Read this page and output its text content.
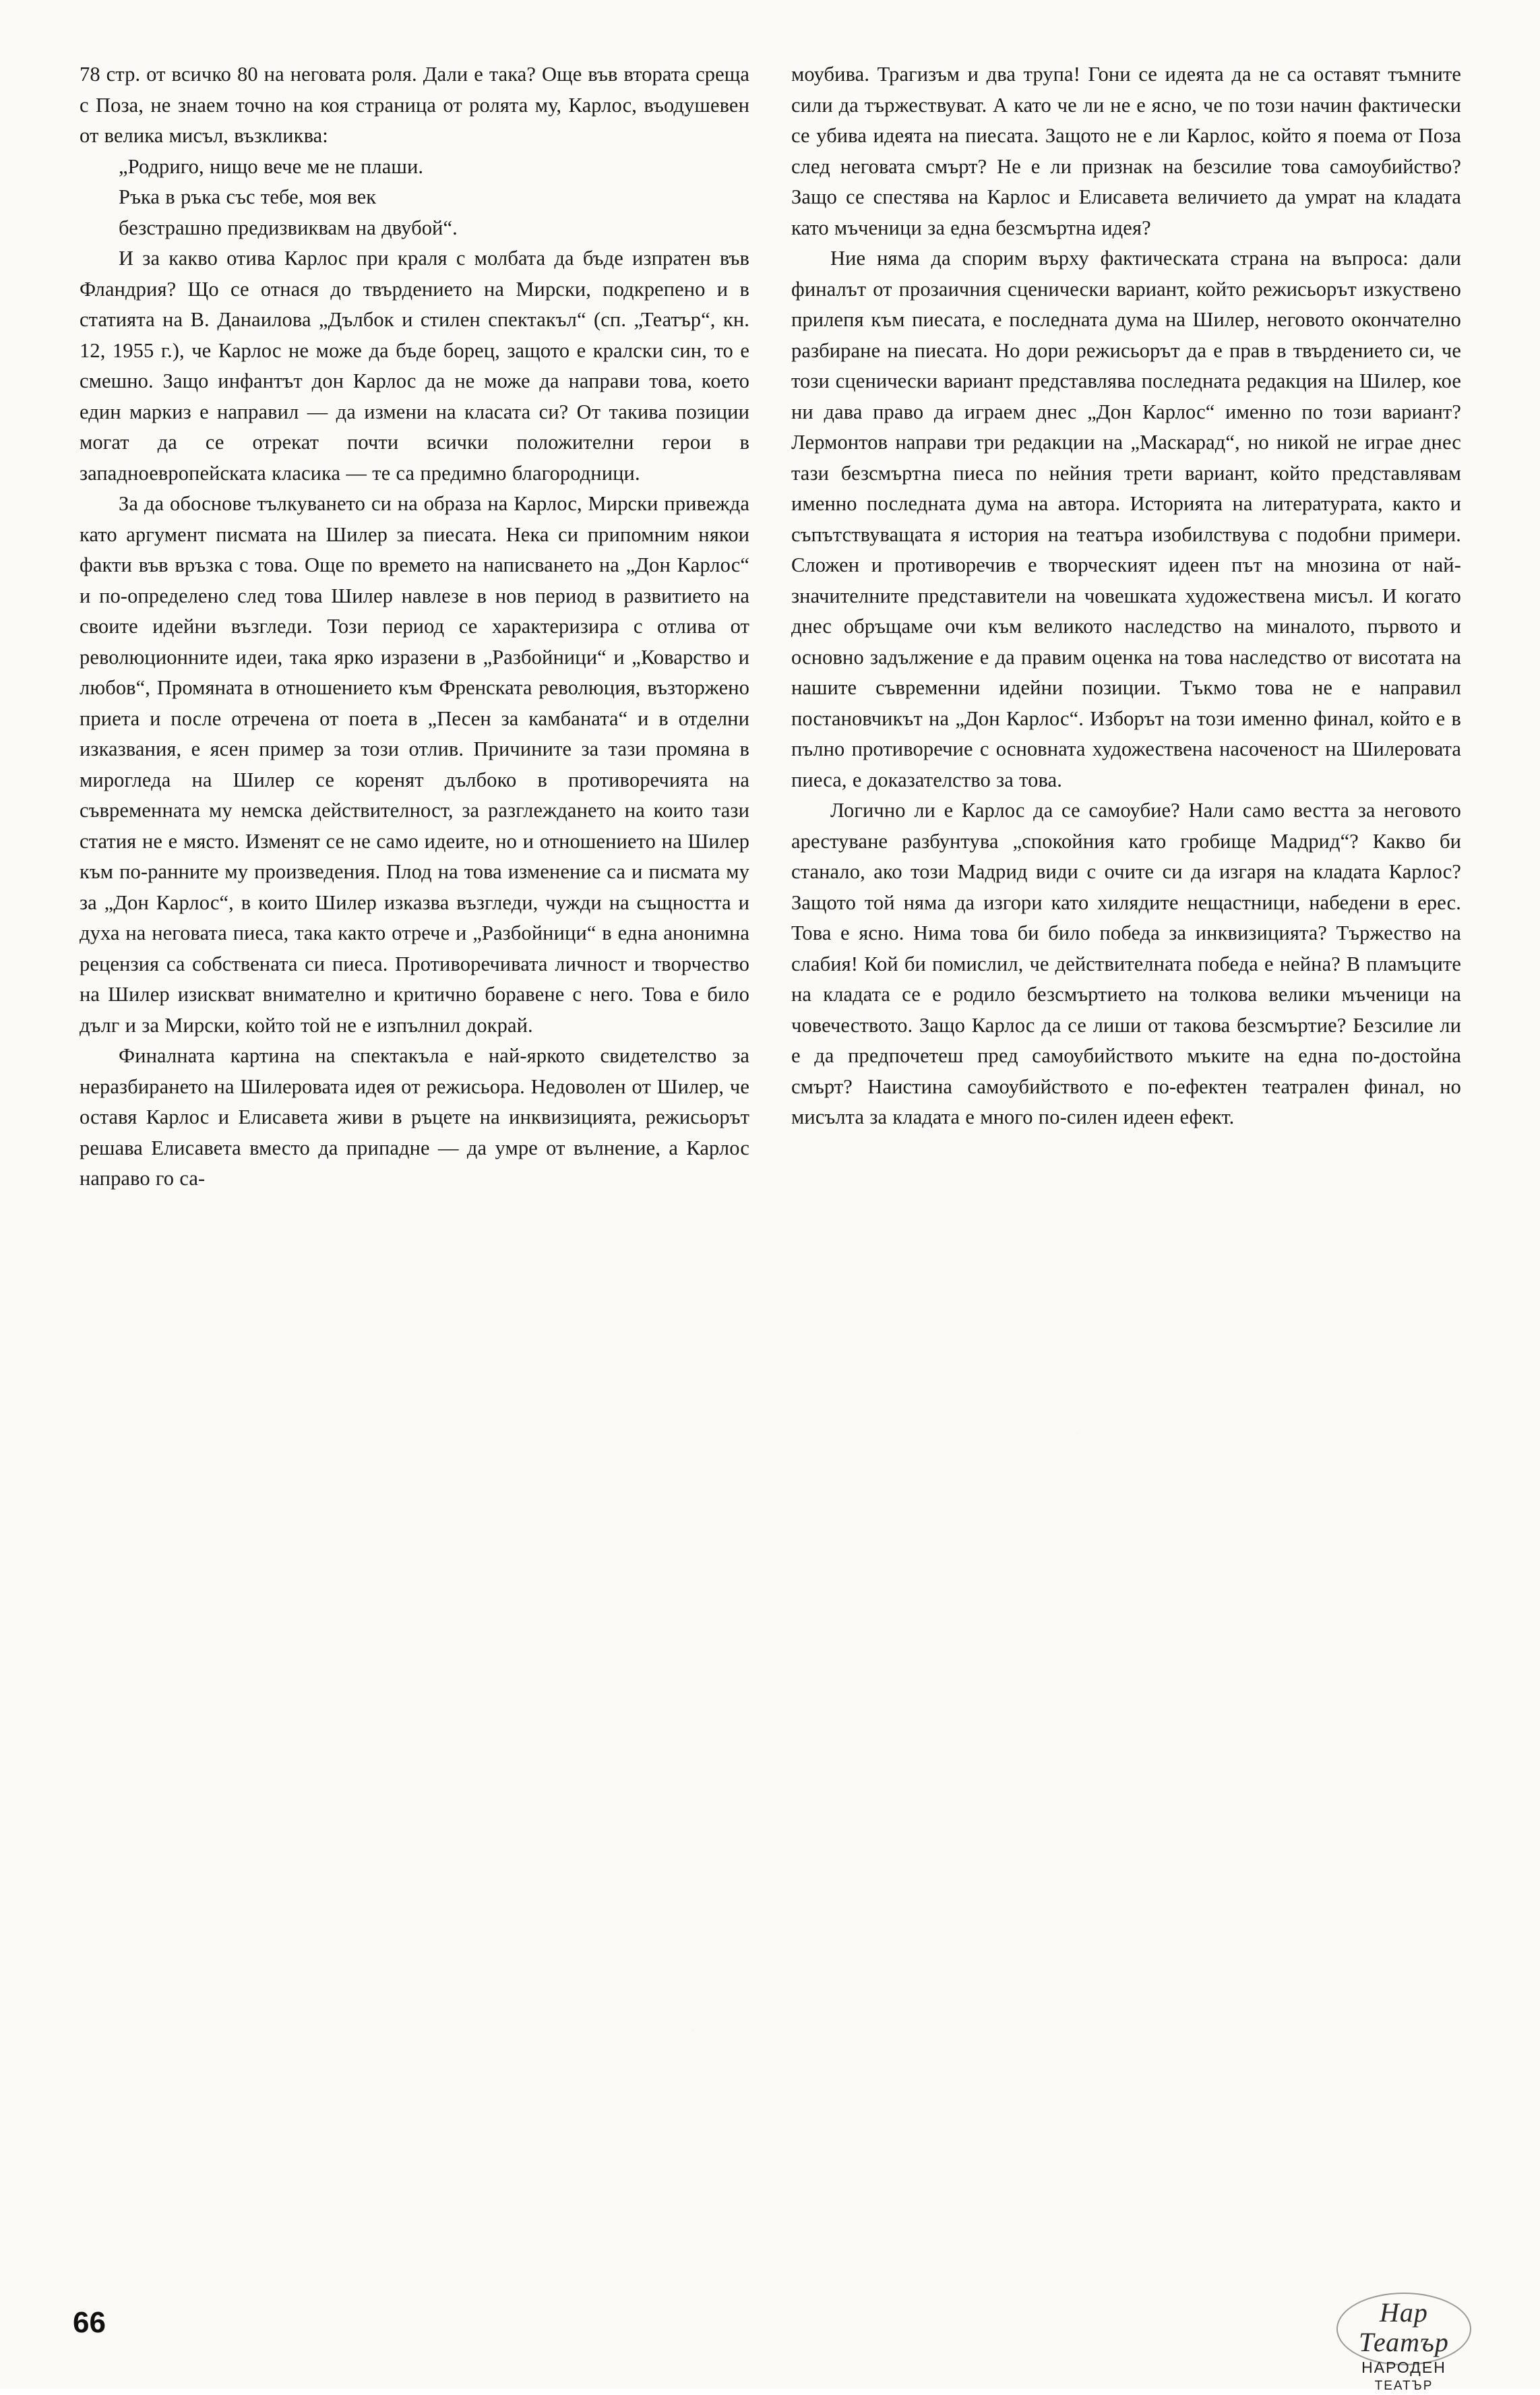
78 стр. от всичко 80 на неговата роля. Дали е така? Още във втората среща с Поза, не знаем точно на коя страница от ролята му, Карлос, въодушевен от велика мисъл, възкликва:

„Родриго, нищо вече ме не плаши.

Ръка в ръка със тебе, моя век

безстрашно предизвиквам на двубой“.

И за какво отива Карлос при краля с молбата да бъде изпратен във Фландрия? Що се отнася до твърдението на Мирски, подкрепено и в статията на В. Данаилова „Дълбок и стилен спектакъл“ (сп. „Театър“, кн. 12, 1955 г.), че Карлос не може да бъде борец, защото е кралски син, то е смешно. Защо инфантът дон Карлос да не може да направи това, което един маркиз е направил — да измени на класата си? От такива позиции могат да се отрекат почти всички положителни герои в западноевропейската класика — те са предимно благородници.

За да обоснове тълкуването си на образа на Карлос, Мирски привежда като аргумент писмата на Шилер за пиесата. Нека си припомним някои факти във връзка с това. Още по времето на написването на „Дон Карлос“ и по-определено след това Шилер навлезе в нов период в развитието на своите идейни възгледи. Този период се характеризира с отлива от революционните идеи, така ярко изразени в „Разбойници“ и „Коварство и любов“, Промяната в отношението към Френската революция, възторжено приета и после отречена от поета в „Песен за камбаната“ и в отделни изказвания, е ясен пример за този отлив. Причините за тази промяна в мирогледа на Шилер се коренят дълбоко в противоречията на съвременната му немска действителност, за разглеждането на които тази статия не е място. Изменят се не само идеите, но и отношението на Шилер към по-ранните му произведения. Плод на това изменение са и писмата му за „Дон Карлос“, в които Шилер изказва възгледи, чужди на същността и духа на неговата пиеса, така както отрече и „Разбойници“ в една анонимна рецензия са собствената си пиеса. Противоречивата личност и творчество на Шилер изискват внимателно и критично боравене с него. Това е било дълг и за Мирски, който той не е изпълнил докрай.

Финалната картина на спектакъла е най-яркото свидетелство за неразбирането на Шилеровата идея от режисьора. Недоволен от Шилер, че оставя Карлос и Елисавета живи в ръцете на инквизицията, режисьорът решава Елисавета вместо да припадне — да умре от вълнение, а Карлос направо го са-

моубива. Трагизъм и два трупа! Гони се идеята да не са оставят тъмните сили да тържествуват. А като че ли не е ясно, че по този начин фактически се убива идеята на пиесата. Защото не е ли Карлос, който я поема от Поза след неговата смърт? Не е ли признак на безсилие това самоубийство? Защо се спестява на Карлос и Елисавета величието да умрат на кладата като мъченици за една безсмъртна идея?

Ние няма да спорим върху фактическата страна на въпроса: дали финалът от прозаичния сценически вариант, който режисьорът изкуствено прилепя към пиесата, е последната дума на Шилер, неговото окончателно разбиране на пиесата. Но дори режисьорът да е прав в твърдението си, че този сценически вариант представлява последната редакция на Шилер, кое ни дава право да играем днес „Дон Карлос“ именно по този вариант? Лермонтов направи три редакции на „Маскарад“, но никой не играе днес тази безсмъртна пиеса по нейния трети вариант, който представлявам именно последната дума на автора. Историята на литературата, както и съпътствуващата я история на театъра изобилствува с подобни примери. Сложен и противоречив е творческият идеен път на мнозина от най-значителните представители на човешката художествена мисъл. И когато днес обръщаме очи към великото наследство на миналото, първото и основно задължение е да правим оценка на това наследство от висотата на нашите съвременни идейни позиции. Тъкмо това не е направил постановчикът на „Дон Карлос“. Изборът на този именно финал, който е в пълно противоречие с основната художествена насоченост на Шилеровата пиеса, е доказателство за това.

Логично ли е Карлос да се самоубие? Нали само вестта за неговото арестуване разбунтува „спокойния като гробище Мадрид“? Какво би станало, ако този Мадрид види с очите си да изгаря на кладата Карлос? Защото той няма да изгори като хилядите нещастници, набедени в ерес. Това е ясно. Нима това би било победа за инквизицията? Тържество на слабия! Кой би помислил, че действителната победа е нейна? В пламъците на кладата се е родило безсмъртието на толкова велики мъченици на човечеството. Защо Карлос да се лиши от такова безсмъртие? Безсилие ли е да предпочетеш пред самоубийството мъките на една по-достойна смърт? Наистина самоубийството е по-ефектен театрален финал, но мисълта за кладата е много по-силен идеен ефект.

66	Нар Театър
НАРОДЕН
ТЕАТЪР
